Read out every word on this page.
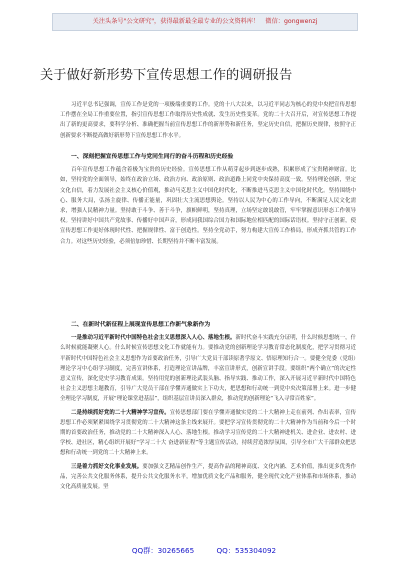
关注头条号"公文研究"，获得最新最全最专业的公文资料库！　微信：gongwenzj
关于做好新形势下宣传思想工作的调研报告

习近平总书记强调，宣传工作是党的一项极端重要的工作。党的十八大以来，以习近平同志为核心的党中央把宣传思想工作摆在全局工作重要位置，指引宣传思想工作取得历史性成就、发生历史性变革。党的二十大召开后，对宣传思想工作提出了新的更高要求，要科学分析、准确把握当前宣传思想工作的新形势和新任务，坚定历史自信，把握历史规律，按照守正创新要求不断提高做好新形势下宣传思想工作水平。

一、深刻把握宣传思想工作与党同生同行的奋斗历程和历史经验

百年宣传思想工作蕴含着极为宝贵的历史经验。宣传思想工作从萌芽起步到逐步成熟，积累形成了宝贵精神财富。比如，坚持党的全面领导，始终在政治立场、政治方向、政治原则、政治道路上同党中央保持高度一致。坚持理论创新，坚定文化自信，着力发展社会主义核心价值观，推动马克思主义中国化时代化，不断推进马克思主义中国化时代化。坚持围绕中心、服务大局，弘扬主旋律、传播正能量，巩固壮大主流思想舆论。坚持以人民为中心的工作导向，不断满足人民文化需求，增强人民精神力量。坚持敢于斗争、善于斗争，旗帜鲜明，坚持真理，立场坚定敢说敢管，牢牢掌握意识形态工作领导权。坚持讲好中国共产党故事、传播好中国声音，形成同我国综合国力和国际地位相匹配的国际话语权。坚持守正创新，使宣传思想工作更好体现时代性、把握规律性、富于创造性。坚持全党动手，努力构建大宣传工作格局，形成齐抓共管的工作合力。对这些历史经验，必须倍加珍惜、长期坚持并不断丰富发展。

二、在新时代新征程上展现宣传思想工作新气象新作为

一是推动习近平新时代中国特色社会主义思想深入人心、落地生根。新时代奋斗实践充分证明，什么时候思想统一，什么时候就能凝聚人心。什么时候宣传思想文化工作就能有力。要推动党的创新理论学习教育常态化制度化，把学习贯彻习近平新时代中国特色社会主义思想作为首要政治任务，引导广大党员干部读原著学原文、悟原理知行合一。要健全党委（党组）理论学习中心组学习制度，完善宣讲体系，打造理论宣讲品牌，丰富宣讲形式，创新宣讲手段。要组织“两个确立”的决定性意义宣传，深化党史学习教育成果。坚持用党的创新理论武装头脑、指导实践、推动工作，深入开展习近平新时代中国特色社会主义思想主题教育，引导广大党员干部在学懂弄通做实上下功夫，把思想和行动统一到党中央决策部署上来。进一步健全理论学习制度，开展“理论课堂进基层”，组织基层宣讲员深入群众，推动党的创新理论“飞入寻常百姓家”。

二是持续抓好党的二十大精神学习宣传。宣传思想部门要在学懂弄通做实党的二十大精神上走在前列、作出表率，宣传思想工作必须紧紧围绕学习贯彻党的二十大精神这条主线来展开。要把学习宣传贯彻党的二十大精神作为当前和今后一个时期的首要政治任务，推动党的二十大精神深入人心、落地生根。推动学习宣传党的二十大精神进机关、进企业、进农村、进学校、进社区，精心组织开展好“学习二十大 奋进新征程”等主题宣传活动，持续营造浓厚氛围，引导全市广大干部群众把思想和行动统一到党的二十大精神上来。

三是着力抓好文化事业发展。要加强文艺精品创作生产，提高作品的精神高度、文化内涵、艺术价值，推出更多优秀作品，完善公共文化服务体系，提升公共文化服务水平，增加优质文化产品和服务，健全现代文化产业体系和市场体系，推动文化高质量发展。坚

QQ群：30265665	QQ：535304092
